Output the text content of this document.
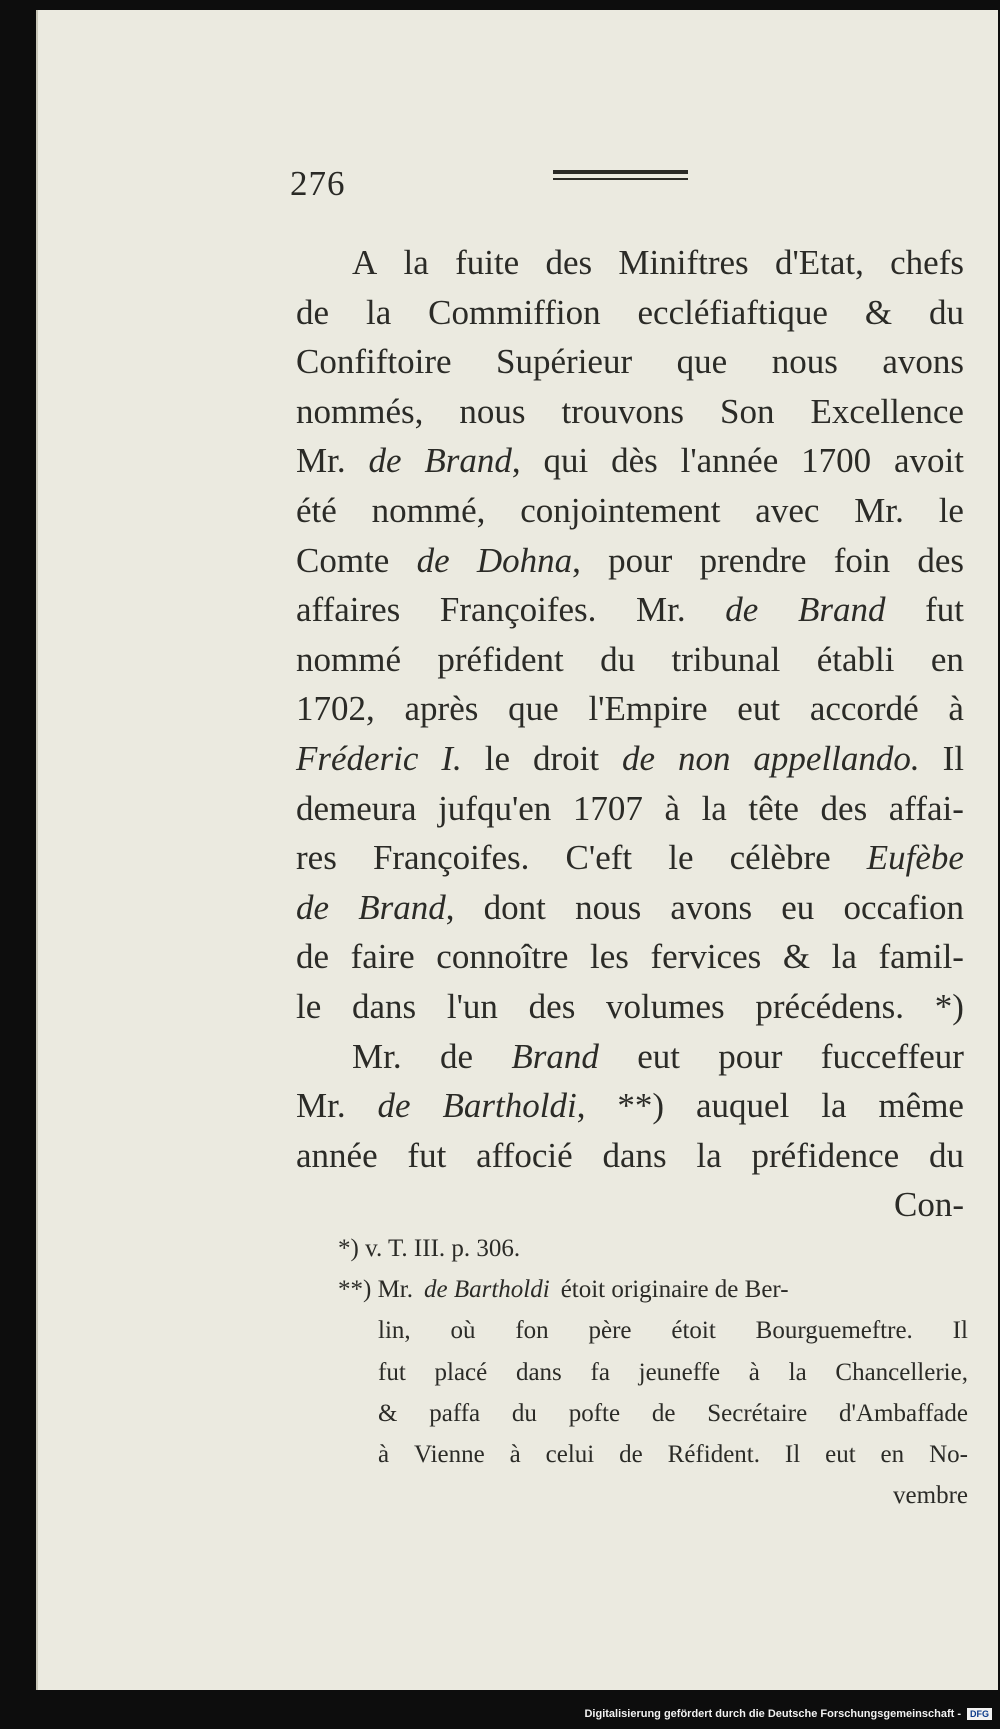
276
A la fuite des Miniftres d'Etat, chefs
de la Commiffion eccléfiaftique & du
Confiftoire Supérieur que nous avons
nommés, nous trouvons Son Excellence
Mr. de Brand, qui dès l'année 1700 avoit
été nommé, conjointement avec Mr. le
Comte de Dohna, pour prendre foin des
affaires Françoifes. Mr. de Brand fut
nommé préfident du tribunal établi en
1702, après que l'Empire eut accordé à
Fréderic I. le droit de non appellando. Il
demeura jufqu'en 1707 à la tête des affai-
res Françoifes. C'eft le célèbre Eufèbe
de Brand, dont nous avons eu occafion
de faire connoître les fervices & la famil-
le dans l'un des volumes précédens. *)
Mr. de Brand eut pour fucceffeur
Mr. de Bartholdi, **) auquel la même
année fut affocié dans la préfidence du
Con-
*) v. T. III. p. 306.
**) Mr. de Bartholdi étoit originaire de Ber-
lin, où fon père étoit Bourguemeftre. Il
fut placé dans fa jeuneffe à la Chancellerie,
& paffa du pofte de Secrétaire d'Ambaffade
à Vienne à celui de Réfident. Il eut en No-
vembre
Digitalisierung gefördert durch die Deutsche Forschungsgemeinschaft -	DFG
